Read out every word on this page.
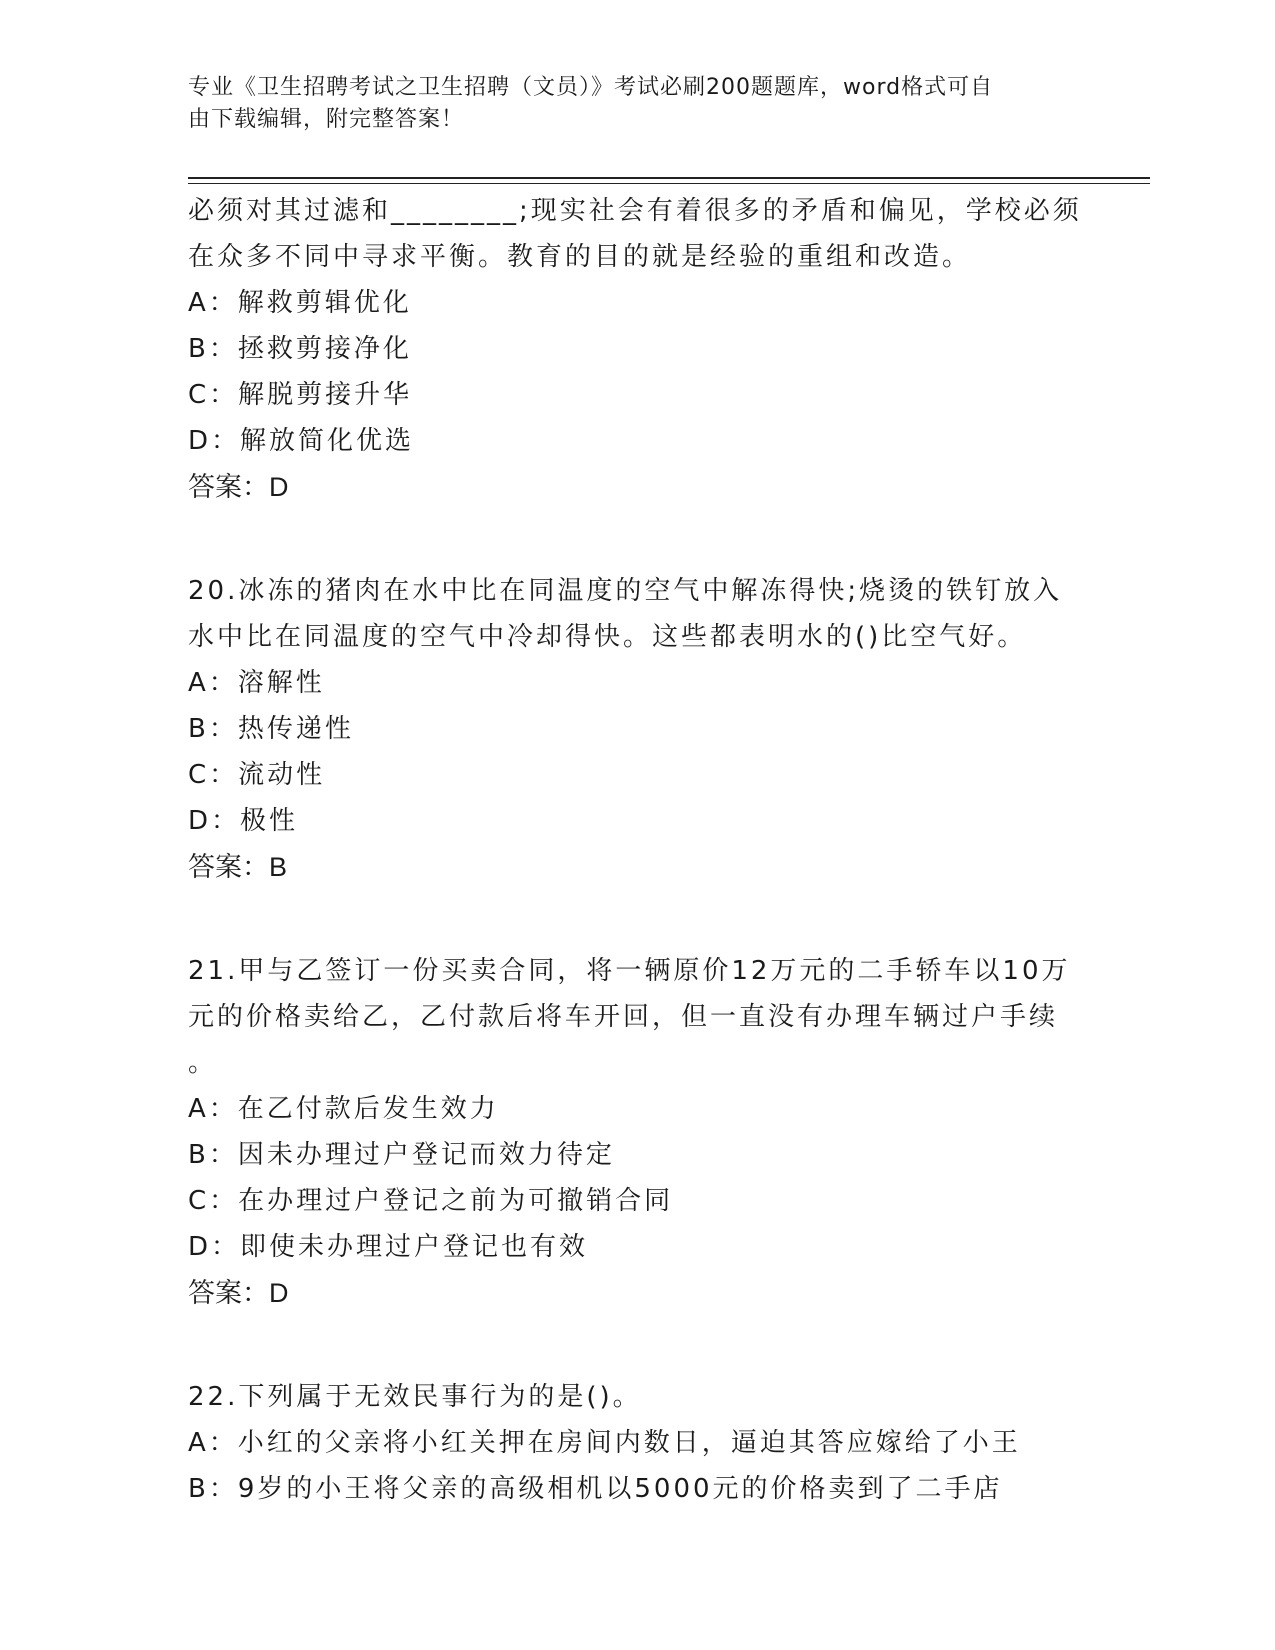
专业《卫生招聘考试之卫生招聘（文员）》考试必刷200题题库，word格式可自
由下载编辑，附完整答案！

必须对其过滤和________;现实社会有着很多的矛盾和偏见，学校必须

在众多不同中寻求平衡。教育的目的就是经验的重组和改造。

A：解救剪辑优化

B：拯救剪接净化

C：解脱剪接升华

D：解放简化优选

答案：D

20.冰冻的猪肉在水中比在同温度的空气中解冻得快;烧烫的铁钉放入

水中比在同温度的空气中冷却得快。这些都表明水的()比空气好。

A：溶解性

B：热传递性

C：流动性

D：极性

答案：B

21.甲与乙签订一份买卖合同，将一辆原价12万元的二手轿车以10万

元的价格卖给乙，乙付款后将车开回，但一直没有办理车辆过户手续

。

A：在乙付款后发生效力

B：因未办理过户登记而效力待定

C：在办理过户登记之前为可撤销合同

D：即使未办理过户登记也有效

答案：D

22.下列属于无效民事行为的是()。

A：小红的父亲将小红关押在房间内数日，逼迫其答应嫁给了小王

B：9岁的小王将父亲的高级相机以5000元的价格卖到了二手店
